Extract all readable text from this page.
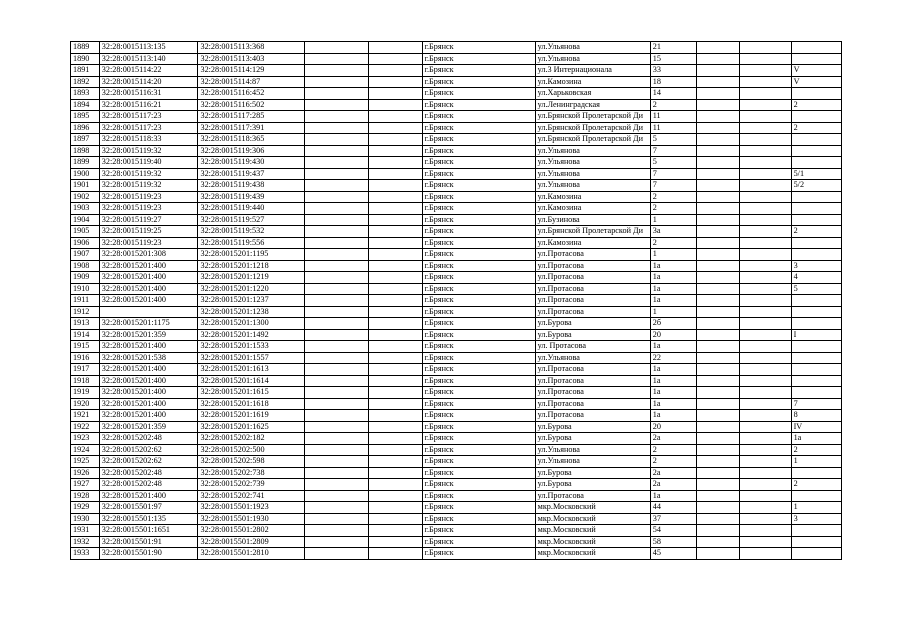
1889	32:28:0015113:135	32:28:0015113:368			г.Брянск	ул.Ульянова	21			
1890	32:28:0015113:140	32:28:0015113:403			г.Брянск	ул.Ульянова	15			
1891	32:28:0015114:22	32:28:0015114:129			г.Брянск	ул.3 Интернационала	33			V
1892	32:28:0015114:20	32:28:0015114:87			г.Брянск	ул.Камозина	18			V
1893	32:28:0015116:31	32:28:0015116:452			г.Брянск	ул.Харьковская	14			
1894	32:28:0015116:21	32:28:0015116:502			г.Брянск	ул.Ленинградская	2			2
1895	32:28:0015117:23	32:28:0015117:285			г.Брянск	ул.Брянской Пролетарской Ди	11			
1896	32:28:0015117:23	32:28:0015117:391			г.Брянск	ул.Брянской Пролетарской Ди	11			2
1897	32:28:0015118:33	32:28:0015118:365			г.Брянск	ул.Брянской Пролетарской Ди	5			
1898	32:28:0015119:32	32:28:0015119:306			г.Брянск	ул.Ульянова	7			
1899	32:28:0015119:40	32:28:0015119:430			г.Брянск	ул.Ульянова	5			
1900	32:28:0015119:32	32:28:0015119:437			г.Брянск	ул.Ульянова	7			5/1
1901	32:28:0015119:32	32:28:0015119:438			г.Брянск	ул.Ульянова	7			5/2
1902	32:28:0015119:23	32:28:0015119:439			г.Брянск	ул.Камозина	2			
1903	32:28:0015119:23	32:28:0015119:440			г.Брянск	ул.Камозина	2			
1904	32:28:0015119:27	32:28:0015119:527			г.Брянск	ул.Бузинова	1			
1905	32:28:0015119:25	32:28:0015119:532			г.Брянск	ул.Брянской Пролетарской Ди	3а			2
1906	32:28:0015119:23	32:28:0015119:556			г.Брянск	ул.Камозина	2			
1907	32:28:0015201:308	32:28:0015201:1195			г.Брянск	ул.Протасова	1			
1908	32:28:0015201:400	32:28:0015201:1218			г.Брянск	ул.Протасова	1а			3
1909	32:28:0015201:400	32:28:0015201:1219			г.Брянск	ул.Протасова	1а			4
1910	32:28:0015201:400	32:28:0015201:1220			г.Брянск	ул.Протасова	1а			5
1911	32:28:0015201:400	32:28:0015201:1237			г.Брянск	ул.Протасова	1а			
1912		32:28:0015201:1238			г.Брянск	ул.Протасова	1			
1913	32:28:0015201:1175	32:28:0015201:1300			г.Брянск	ул.Бурова	2б			
1914	32:28:0015201:359	32:28:0015201:1492			г.Брянск	ул.Бурова	20			I
1915	32:28:0015201:400	32:28:0015201:1533			г.Брянск	ул. Протасова	1а			
1916	32:28:0015201:538	32:28:0015201:1557			г.Брянск	ул.Ульянова	22			
1917	32:28:0015201:400	32:28:0015201:1613			г.Брянск	ул.Протасова	1а			
1918	32:28:0015201:400	32:28:0015201:1614			г.Брянск	ул.Протасова	1а			
1919	32:28:0015201:400	32:28:0015201:1615			г.Брянск	ул.Протасова	1а			
1920	32:28:0015201:400	32:28:0015201:1618			г.Брянск	ул.Протасова	1а			7
1921	32:28:0015201:400	32:28:0015201:1619			г.Брянск	ул.Протасова	1а			8
1922	32:28:0015201:359	32:28:0015201:1625			г.Брянск	ул.Бурова	20			IV
1923	32:28:0015202:48	32:28:0015202:182			г.Брянск	ул.Бурова	2а			1а
1924	32:28:0015202:62	32:28:0015202:500			г.Брянск	ул.Ульянова	2			2
1925	32:28:0015202:62	32:28:0015202:598			г.Брянск	ул.Ульянова	2			1
1926	32:28:0015202:48	32:28:0015202:738			г.Брянск	ул.Бурова	2а			
1927	32:28:0015202:48	32:28:0015202:739			г.Брянск	ул.Бурова	2а			2
1928	32:28:0015201:400	32:28:0015202:741			г.Брянск	ул.Протасова	1а			
1929	32:28:0015501:97	32:28:0015501:1923			г.Брянск	мкр.Московский	44			1
1930	32:28:0015501:135	32:28:0015501:1930			г.Брянск	мкр.Московский	37			3
1931	32:28:0015501:1651	32:28:0015501:2802			г.Брянск	мкр.Московский	54			
1932	32:28:0015501:91	32:28:0015501:2809			г.Брянск	мкр.Московский	58			
1933	32:28:0015501:90	32:28:0015501:2810			г.Брянск	мкр.Московский	45			
